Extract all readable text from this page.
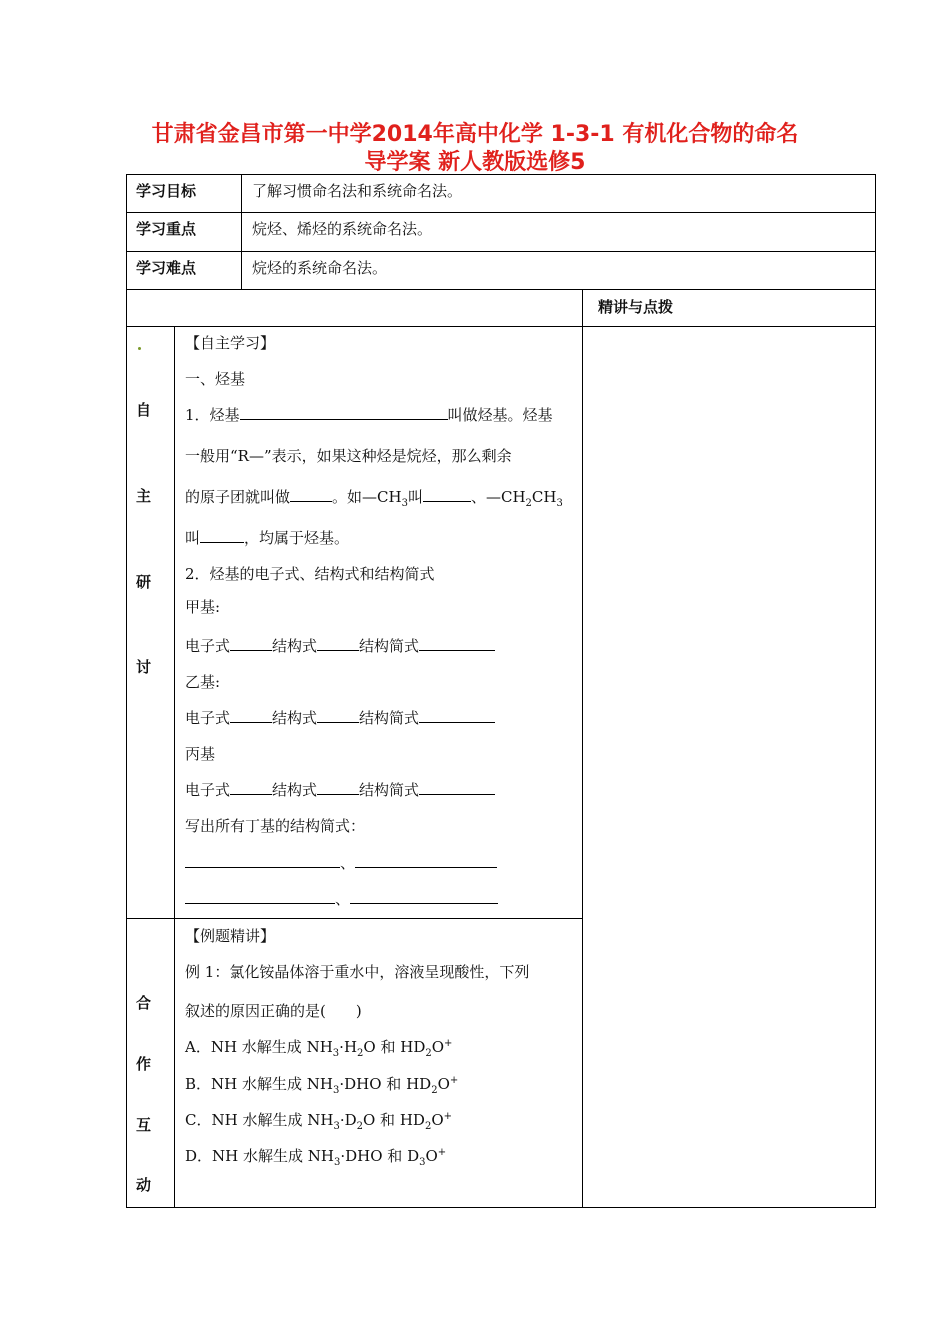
甘肃省金昌市第一中学2014年高中化学 1-3-1 有机化合物的命名
导学案 新人教版选修5
学习目标	了解习惯命名法和系统命名法。
学习重点	烷烃、烯烃的系统命名法。
学习难点	烷烃的系统命名法。
精讲与点拨
自
主
研
讨
【自主学习】
一、烃基
1．烃基	叫做烃基。烃基
一般用“R—”表示，如果这种烃是烷烃，那么剩余
的原子团就叫做	。如$—CH_3$叫	、$—CH_2CH_3$
叫	，均属于烃基。
2．烃基的电子式、结构式和结构简式
甲基:
电子式	结构式	结构简式
乙基:
电子式	结构式	结构简式
丙基
电子式	结构式	结构简式
写出所有丁基的结构简式：
、
、
合
作
互
动
【例题精讲】
例 1：氯化铵晶体溶于重水中，溶液呈现酸性，下列
叙述的原因正确的是(　　)
A．NH 水解生成 $NH_3\cdot H_2O$ 和 $HD_2O^+$
B．NH 水解生成 $NH_3\cdot DHO$ 和 $HD_2O^+$
C．NH 水解生成 $NH_3\cdot D_2O$ 和 $HD_2O^+$
D．NH 水解生成 $NH_3\cdot DHO$ 和 $D_3O^+$
